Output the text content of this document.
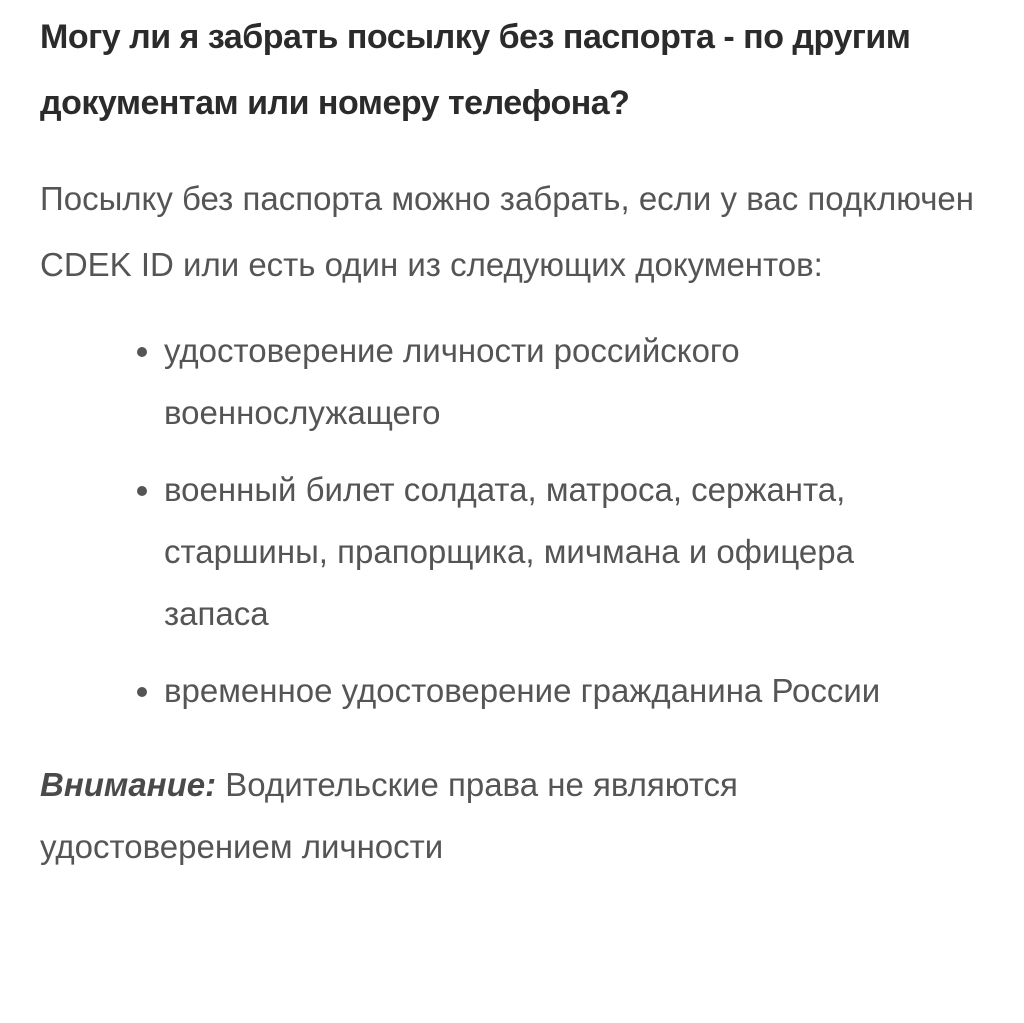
Могу ли я забрать посылку без паспорта - по другим документам или номеру телефона?

Посылку без паспорта можно забрать, если у вас подключен CDEK ID или есть один из следующих документов:

удостоверение личности российского военнослужащего
военный билет солдата, матроса, сержанта, старшины, прапорщика, мичмана и офицера запаса
временное удостоверение гражданина России

Внимание: Водительские права не являются удостоверением личности
